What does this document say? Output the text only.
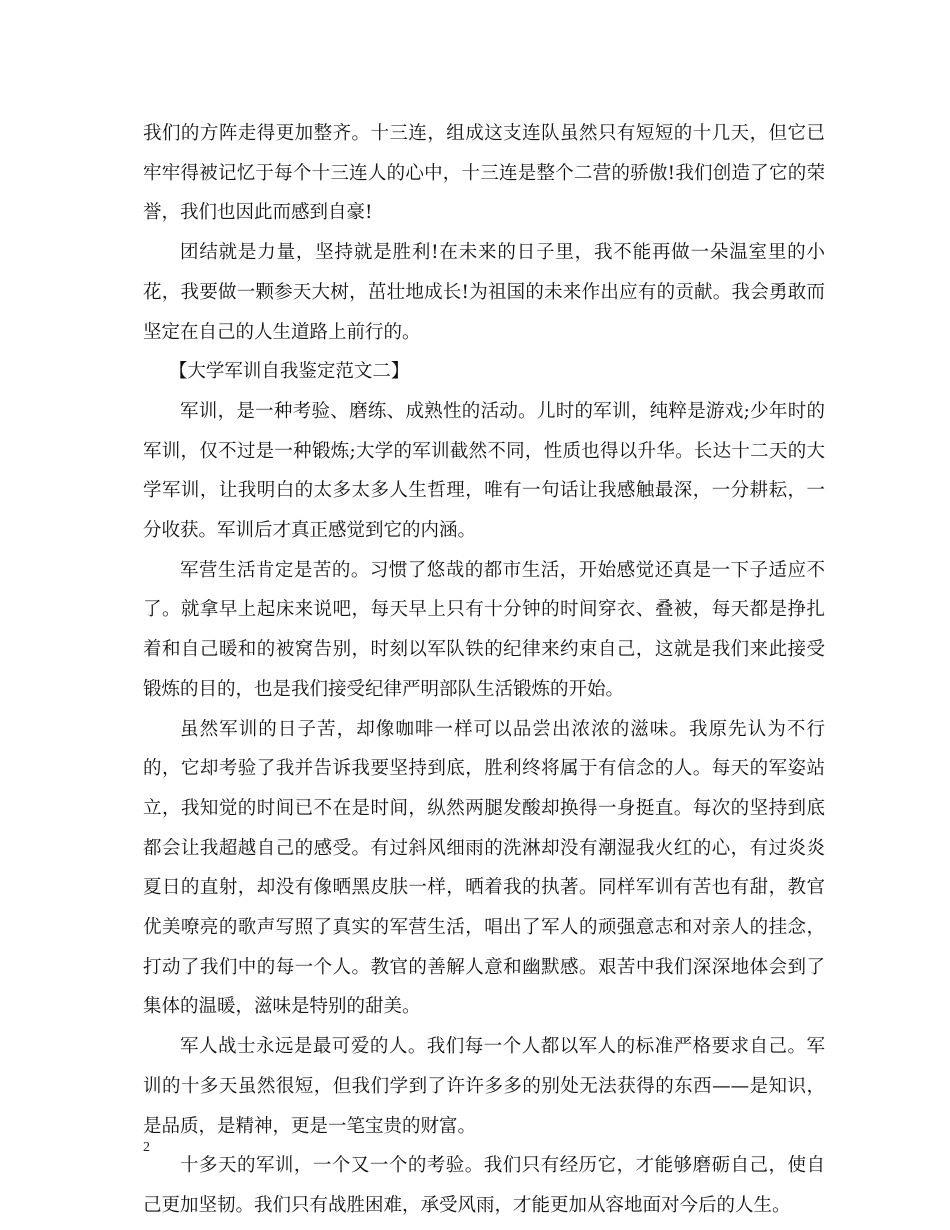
我们的方阵走得更加整齐。十三连，组成这支连队虽然只有短短的十几天，但它已牢牢得被记忆于每个十三连人的心中，十三连是整个二营的骄傲!我们创造了它的荣誉，我们也因此而感到自豪!

团结就是力量，坚持就是胜利!在未来的日子里，我不能再做一朵温室里的小花，我要做一颗参天大树，茁壮地成长!为祖国的未来作出应有的贡献。我会勇敢而坚定在自己的人生道路上前行的。

【大学军训自我鉴定范文二】

军训，是一种考验、磨练、成熟性的活动。儿时的军训，纯粹是游戏;少年时的军训，仅不过是一种锻炼;大学的军训截然不同，性质也得以升华。长达十二天的大学军训，让我明白的太多太多人生哲理，唯有一句话让我感触最深，一分耕耘，一分收获。军训后才真正感觉到它的内涵。

军营生活肯定是苦的。习惯了悠哉的都市生活，开始感觉还真是一下子适应不了。就拿早上起床来说吧，每天早上只有十分钟的时间穿衣、叠被，每天都是挣扎着和自己暖和的被窝告别，时刻以军队铁的纪律来约束自己，这就是我们来此接受锻炼的目的，也是我们接受纪律严明部队生活锻炼的开始。

虽然军训的日子苦，却像咖啡一样可以品尝出浓浓的滋味。我原先认为不行的，它却考验了我并告诉我要坚持到底，胜利终将属于有信念的人。每天的军姿站立，我知觉的时间已不在是时间，纵然两腿发酸却换得一身挺直。每次的坚持到底都会让我超越自己的感受。有过斜风细雨的洗淋却没有潮湿我火红的心，有过炎炎夏日的直射，却没有像晒黑皮肤一样，晒着我的执著。同样军训有苦也有甜，教官优美嘹亮的歌声写照了真实的军营生活，唱出了军人的顽强意志和对亲人的挂念，打动了我们中的每一个人。教官的善解人意和幽默感。艰苦中我们深深地体会到了集体的温暖，滋味是特别的甜美。

军人战士永远是最可爱的人。我们每一个人都以军人的标准严格要求自己。军训的十多天虽然很短，但我们学到了许许多多的别处无法获得的东西——是知识，是品质，是精神，更是一笔宝贵的财富。

十多天的军训，一个又一个的考验。我们只有经历它，才能够磨砺自己，使自己更加坚韧。我们只有战胜困难，承受风雨，才能更加从容地面对今后的人生。

2
